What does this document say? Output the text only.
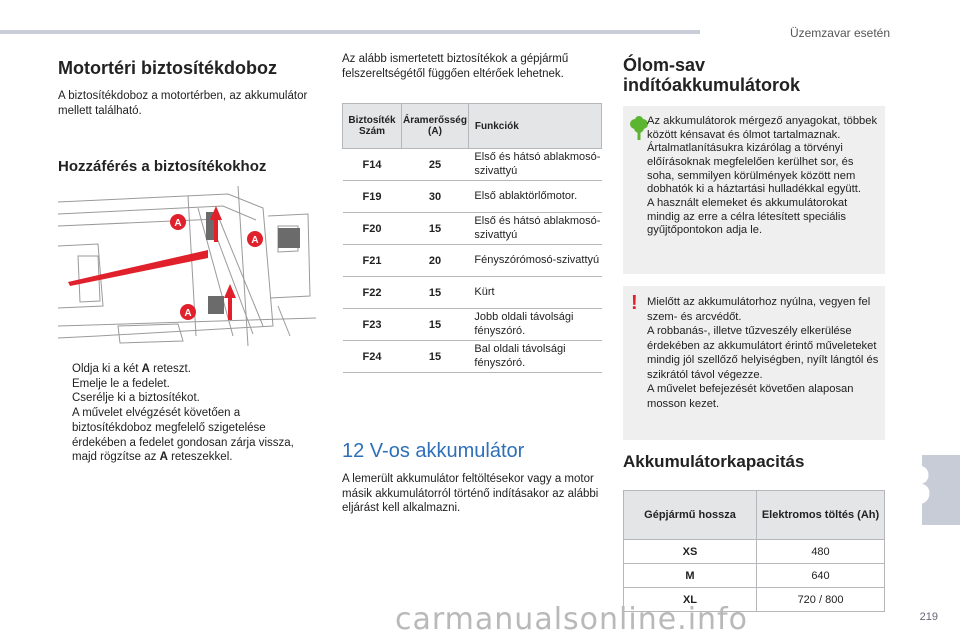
Üzemzavar esetén
Motortéri biztosítékdoboz

A biztosítékdoboz a motortérben, az akkumulátor mellett található.

Hozzáférés a biztosítékokhoz
A
A
A
Oldja ki a két A reteszt.
Emelje le a fedelet.
Cserélje ki a biztosítékot.
A művelet elvégzését követően a biztosítékdoboz megfelelő szigetelése érdekében a fedelet gondosan zárja vissza, majd rögzítse az A reteszekkel.

Az alább ismertetett biztosítékok a gépjármű felszereltségétől függően eltérőek lehetnek.

Biztosíték Szám	Áramerősség (A)	Funkciók
F14	25	Első és hátsó ablakmosó-szivattyú
F19	30	Első ablaktörlőmotor.
F20	15	Első és hátsó ablakmosó-szivattyú
F21	20	Fényszórómosó-szivattyú
F22	15	Kürt
F23	15	Jobb oldali távolsági fényszóró.
F24	15	Bal oldali távolsági fényszóró.
12 V-os akkumulátor
A lemerült akkumulátor feltöltésekor vagy a motor másik akkumulátorról történő indításakor az alábbi eljárást kell alkalmazni.
Ólom-sav indítóakkumulátorok
Az akkumulátorok mérgező anyagokat, többek között kénsavat és ólmot tartalmaznak.
Ártalmatlanításukra kizárólag a törvényi előírásoknak megfelelően kerülhet sor, és soha, semmilyen körülmények között nem dobhatók ki a háztartási hulladékkal együtt.
A használt elemeket és akkumulátorokat mindig az erre a célra létesített speciális gyűjtőpontokon adja le.
! Mielőtt az akkumulátorhoz nyúlna, vegyen fel szem- és arcvédőt.
A robbanás-, illetve tűzveszély elkerülése érdekében az akkumulátort érintő műveleteket mindig jól szellőző helyiségben, nyílt lángtól és szikrától távol végezze.
A művelet befejezését követően alaposan mosson kezet.
Akkumulátorkapacitás
Gépjármű hossza	Elektromos töltés (Ah)
XS	480
M	640
XL	720 / 800
8
219
carmanualsonline.info
